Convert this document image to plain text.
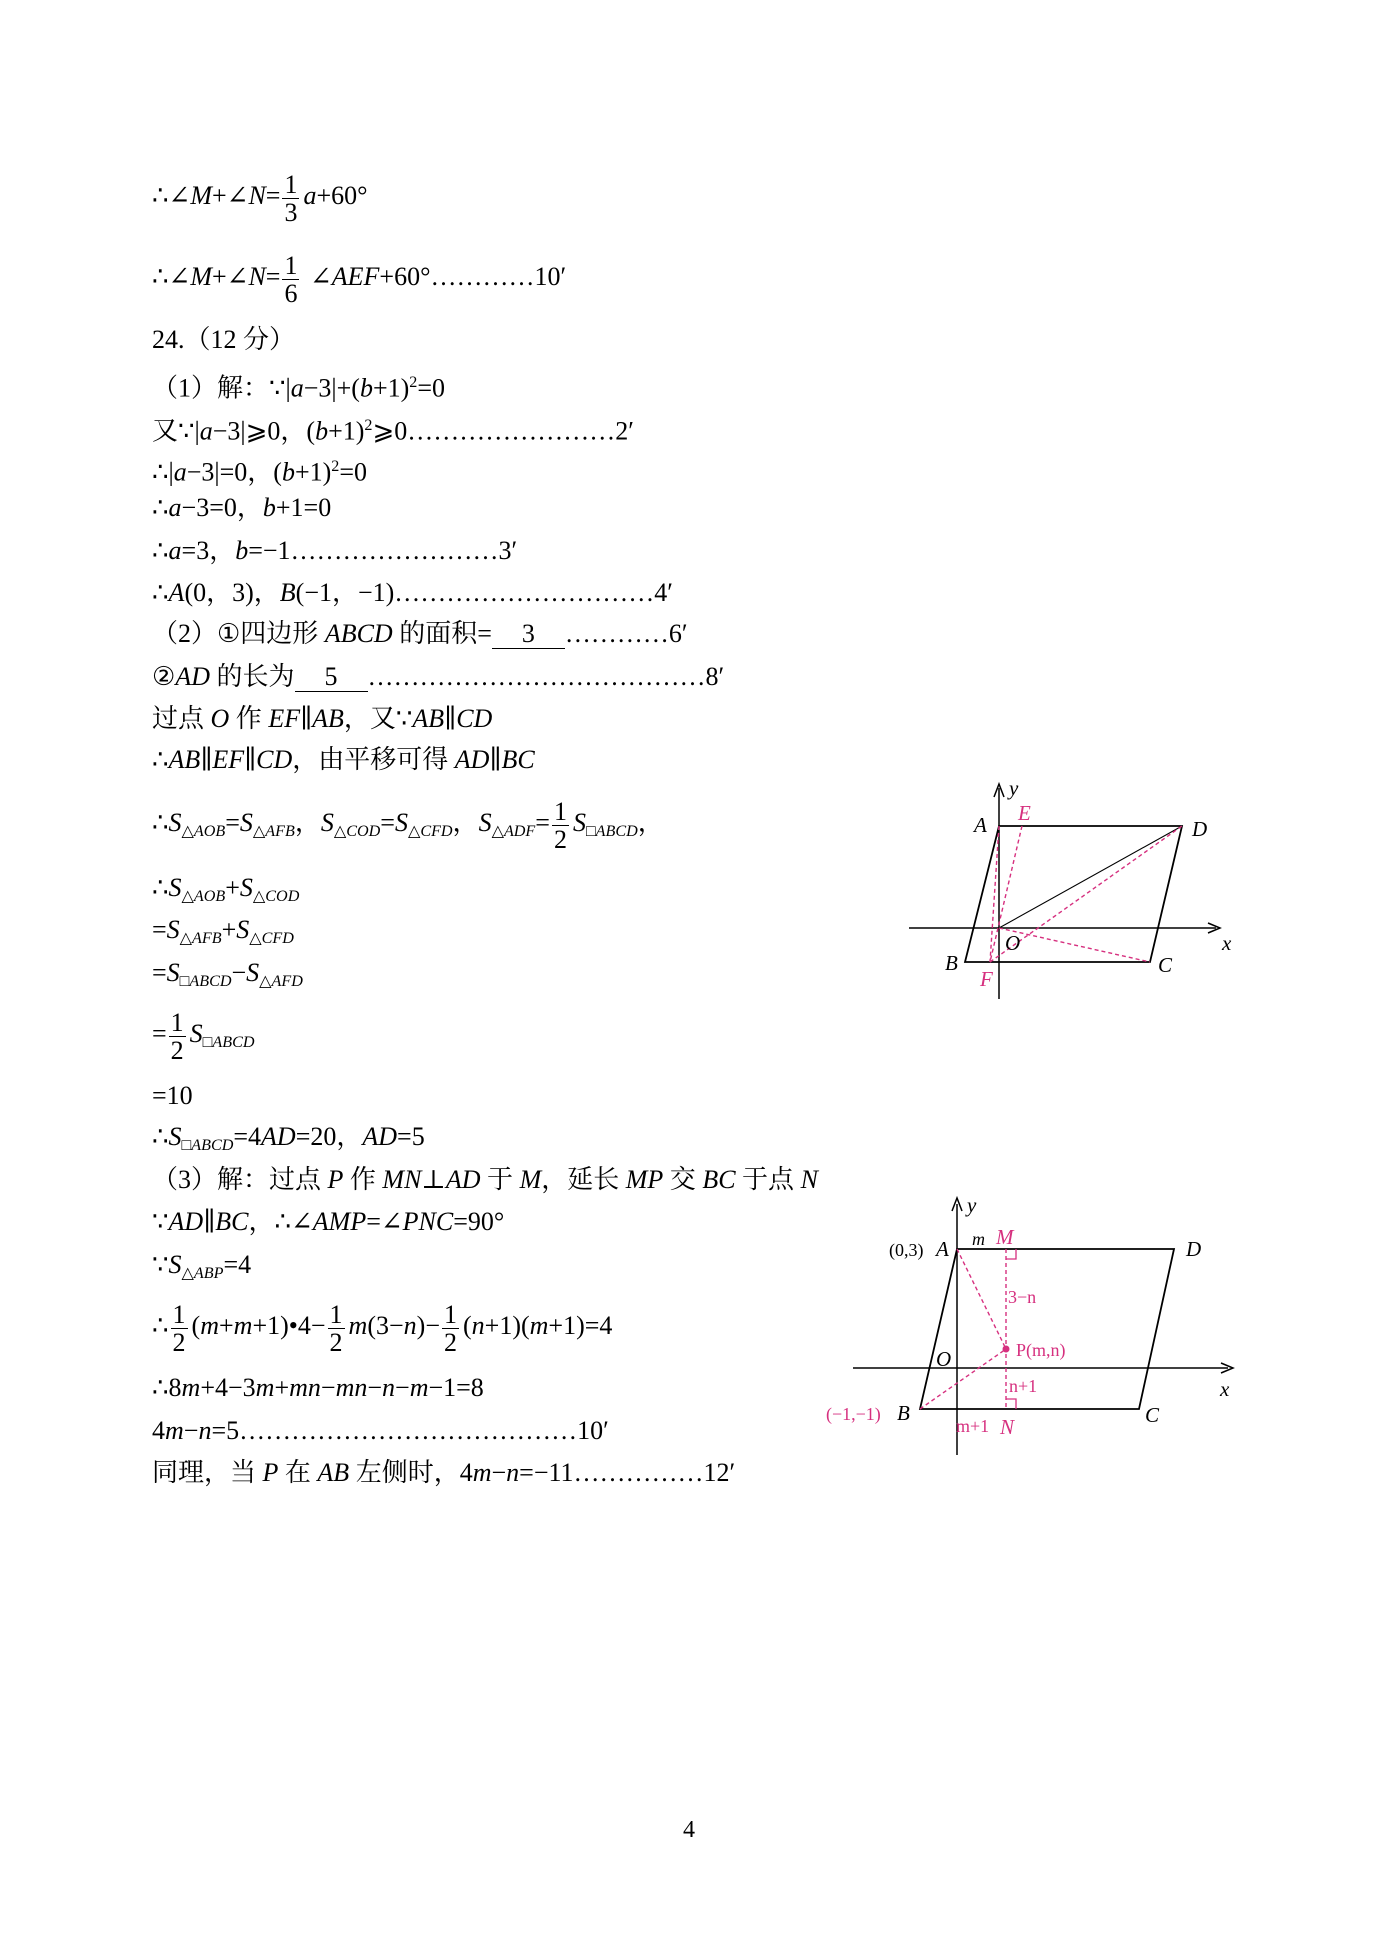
∴∠M+∠N= $\frac{1}{3} a+60^\circ$
∴∠M+∠N= $\frac{1}{6}$ ∠AEF+60°…………10′
24.（12 分）
（1）解：$\because|a-3|+(b+1)^2=0$
又∵|a−3|⩾0，$(b+1)^2⩾0\dots\dots\dots\dots\dots\dots\dots\dots 2'$
∴|a−3|=0，$(b+1)^2=0$
∴a−3=0，b+1=0
∴a=3，b=−1……………………3′
∴A(0，3)，B(−1，−1)…………………………4′
（2）①四边形 ABCD 的面积= 3 …………6′
②AD 的长为 5 …………………………………8′
过点 O 作 EF∥AB，又∵AB∥CD
∴AB∥EF∥CD，由平移可得 AD∥BC
∴S△AOB=S△AFB，S△COD=S△CFD，S△ADF= $\frac{1}{2}$ S□ABCD，
∴S△AOB+S△COD
=S△AFB+S△CFD
=S□ABCD−S△AFD
= $\frac{1}{2}$ S□ABCD
=10
∴S□ABCD=4AD=20，AD=5
（3）解：过点 P 作 MN⊥AD 于 M，延长 MP 交 BC 于点 N
∵AD∥BC，∴∠AMP=∠PNC=90°
∵S△ABP=4
∴ $\frac{1}{2}$ (m+m+1)•4− $\frac{1}{2} m(3-n)- \frac{1}{2} (n+1)(m+1)=4$
∴8m+4−3m+mn−mn−n−m−1=8
4m−n=5…………………………………10′
同理，当 P 在 AB 左侧时，4m−n=−11……………12′
y
A E
D
x
O
B	C
F
y
(0,3) A m M	D
3−n
P(m,n)
O
x
n+1
(−1,−1) B
m+1 N	C
4
